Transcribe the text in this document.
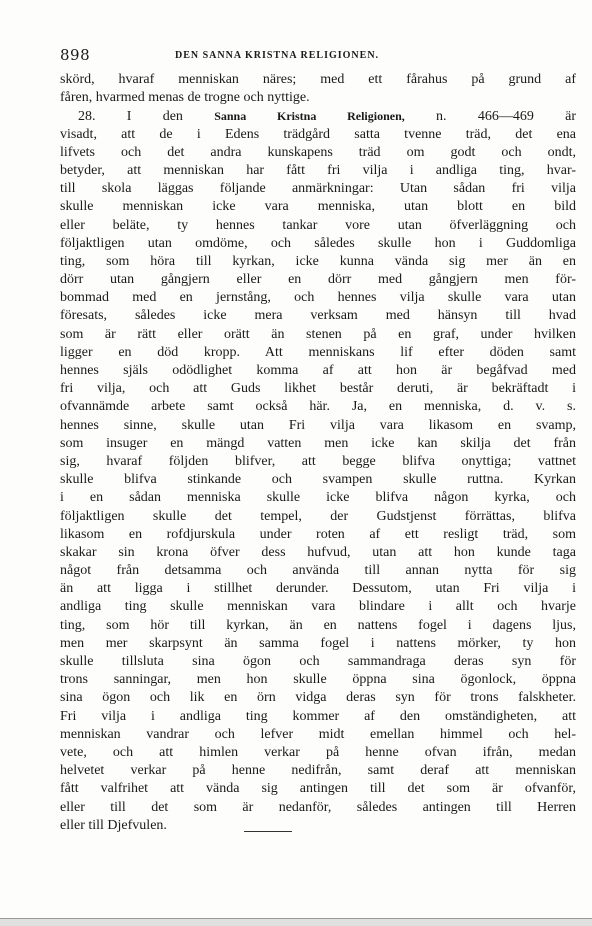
898	DEN SANNA KRISTNA RELIGIONEN.
skörd, hvaraf menniskan näres; med ett fårahus på grund af
fåren, hvarmed menas de trogne och nyttige.
28. I den Sanna Kristna Religionen, n. 466—469 är
visadt, att de i Edens trädgård satta tvenne träd, det ena
lifvets och det andra kunskapens träd om godt och ondt,
betyder, att menniskan har fått fri vilja i andliga ting, hvar-
till skola läggas följande anmärkningar: Utan sådan fri vilja
skulle menniskan icke vara menniska, utan blott en bild
eller beläte, ty hennes tankar vore utan öfverläggning och
följaktligen utan omdöme, och således skulle hon i Guddomliga
ting, som höra till kyrkan, icke kunna vända sig mer än en
dörr utan gångjern eller en dörr med gångjern men för-
bommad med en jernstång, och hennes vilja skulle vara utan
föresats, således icke mera verksam med hänsyn till hvad
som är rätt eller orätt än stenen på en graf, under hvilken
ligger en död kropp. Att menniskans lif efter döden samt
hennes själs odödlighet komma af att hon är begåfvad med
fri vilja, och att Guds likhet består deruti, är bekräftadt i
ofvannämde arbete samt också här. Ja, en menniska, d. v. s.
hennes sinne, skulle utan Fri vilja vara likasom en svamp,
som insuger en mängd vatten men icke kan skilja det från
sig, hvaraf följden blifver, att begge blifva onyttiga; vattnet
skulle blifva stinkande och svampen skulle ruttna. Kyrkan
i en sådan menniska skulle icke blifva någon kyrka, och
följaktligen skulle det tempel, der Gudstjenst förrättas, blifva
likasom en rofdjurskula under roten af ett resligt träd, som
skakar sin krona öfver dess hufvud, utan att hon kunde taga
något från detsamma och använda till annan nytta för sig
än att ligga i stillhet derunder. Dessutom, utan Fri vilja i
andliga ting skulle menniskan vara blindare i allt och hvarje
ting, som hör till kyrkan, än en nattens fogel i dagens ljus,
men mer skarpsynt än samma fogel i nattens mörker, ty hon
skulle tillsluta sina ögon och sammandraga deras syn för
trons sanningar, men hon skulle öppna sina ögonlock, öppna
sina ögon och lik en örn vidga deras syn för trons falskheter.
Fri vilja i andliga ting kommer af den omständigheten, att
menniskan vandrar och lefver midt emellan himmel och hel-
vete, och att himlen verkar på henne ofvan ifrån, medan
helvetet verkar på henne nedifrån, samt deraf att menniskan
fått valfrihet att vända sig antingen till det som är ofvanför,
eller till det som är nedanför, således antingen till Herren
eller till Djefvulen.
